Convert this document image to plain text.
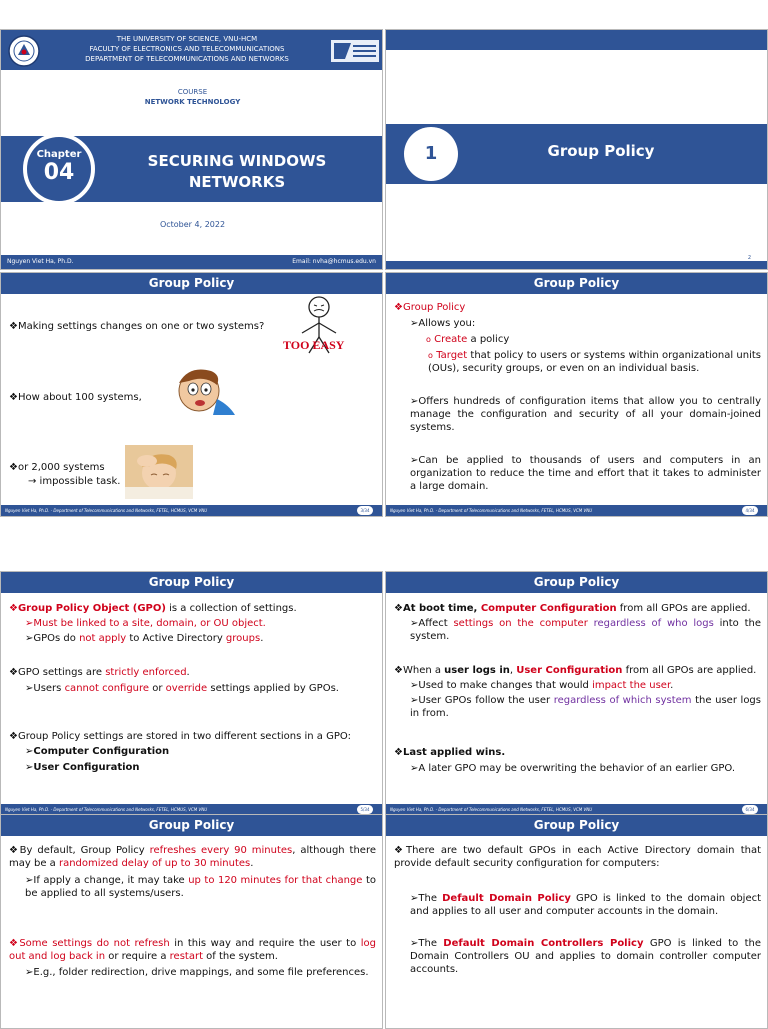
THE UNIVERSITY OF SCIENCE, VNU-HCM
FACULTY OF ELECTRONICS AND TELECOMMUNICATIONS
DEPARTMENT OF TELECOMMUNICATIONS AND NETWORKS
COURSE
NETWORK TECHNOLOGY
Chapter
04	SECURING WINDOWS
NETWORKS
October 4, 2022
Nguyen Viet Ha, Ph.D.	Email: nvha@hcmus.edu.vn
1	Group Policy
2
Group Policy
❖Making settings changes on one or two systems?
TOO EASY
❖How about 100 systems,
❖or 2,000 systems
→ impossible task.
Nguyen Viet Ha, Ph.D. - Department of Telecommunications and Networks, FETEL, HCMUS, VCM VNU	3/34
Group Policy
❖Group Policy
➢Allows you:
o Create a policy
o Target that policy to users or systems within organizational units (OUs), security groups, or even on an individual basis.
➢Offers hundreds of configuration items that allow you to centrally manage the configuration and security of all your domain-joined systems.
➢Can be applied to thousands of users and computers in an organization to reduce the time and effort that it takes to administer a large domain.
Nguyen Viet Ha, Ph.D. - Department of Telecommunications and Networks, FETEL, HCMUS, VCM VNU	4/34
Group Policy
❖Group Policy Object (GPO) is a collection of settings.
➢Must be linked to a site, domain, or OU object.
➢GPOs do not apply to Active Directory groups.
❖GPO settings are strictly enforced.
➢Users cannot configure or override settings applied by GPOs.
❖Group Policy settings are stored in two different sections in a GPO:
➢Computer Configuration
➢User Configuration
Nguyen Viet Ha, Ph.D. - Department of Telecommunications and Networks, FETEL, HCMUS, VCM VNU	5/34
Group Policy
❖At boot time, Computer Configuration from all GPOs are applied.
➢Affect settings on the computer regardless of who logs into the system.
❖When a user logs in, User Configuration from all GPOs are applied.
➢Used to make changes that would impact the user.
➢User GPOs follow the user regardless of which system the user logs in from.
❖Last applied wins.
➢A later GPO may be overwriting the behavior of an earlier GPO.
Nguyen Viet Ha, Ph.D. - Department of Telecommunications and Networks, FETEL, HCMUS, VCM VNU	6/34
Group Policy
❖By default, Group Policy refreshes every 90 minutes, although there may be a randomized delay of up to 30 minutes.
➢If apply a change, it may take up to 120 minutes for that change to be applied to all systems/users.
❖Some settings do not refresh in this way and require the user to log out and log back in or require a restart of the system.
➢E.g., folder redirection, drive mappings, and some file preferences.
Group Policy
❖There are two default GPOs in each Active Directory domain that provide default security configuration for computers:
➢The Default Domain Policy GPO is linked to the domain object and applies to all user and computer accounts in the domain.
➢The Default Domain Controllers Policy GPO is linked to the Domain Controllers OU and applies to domain controller computer accounts.
